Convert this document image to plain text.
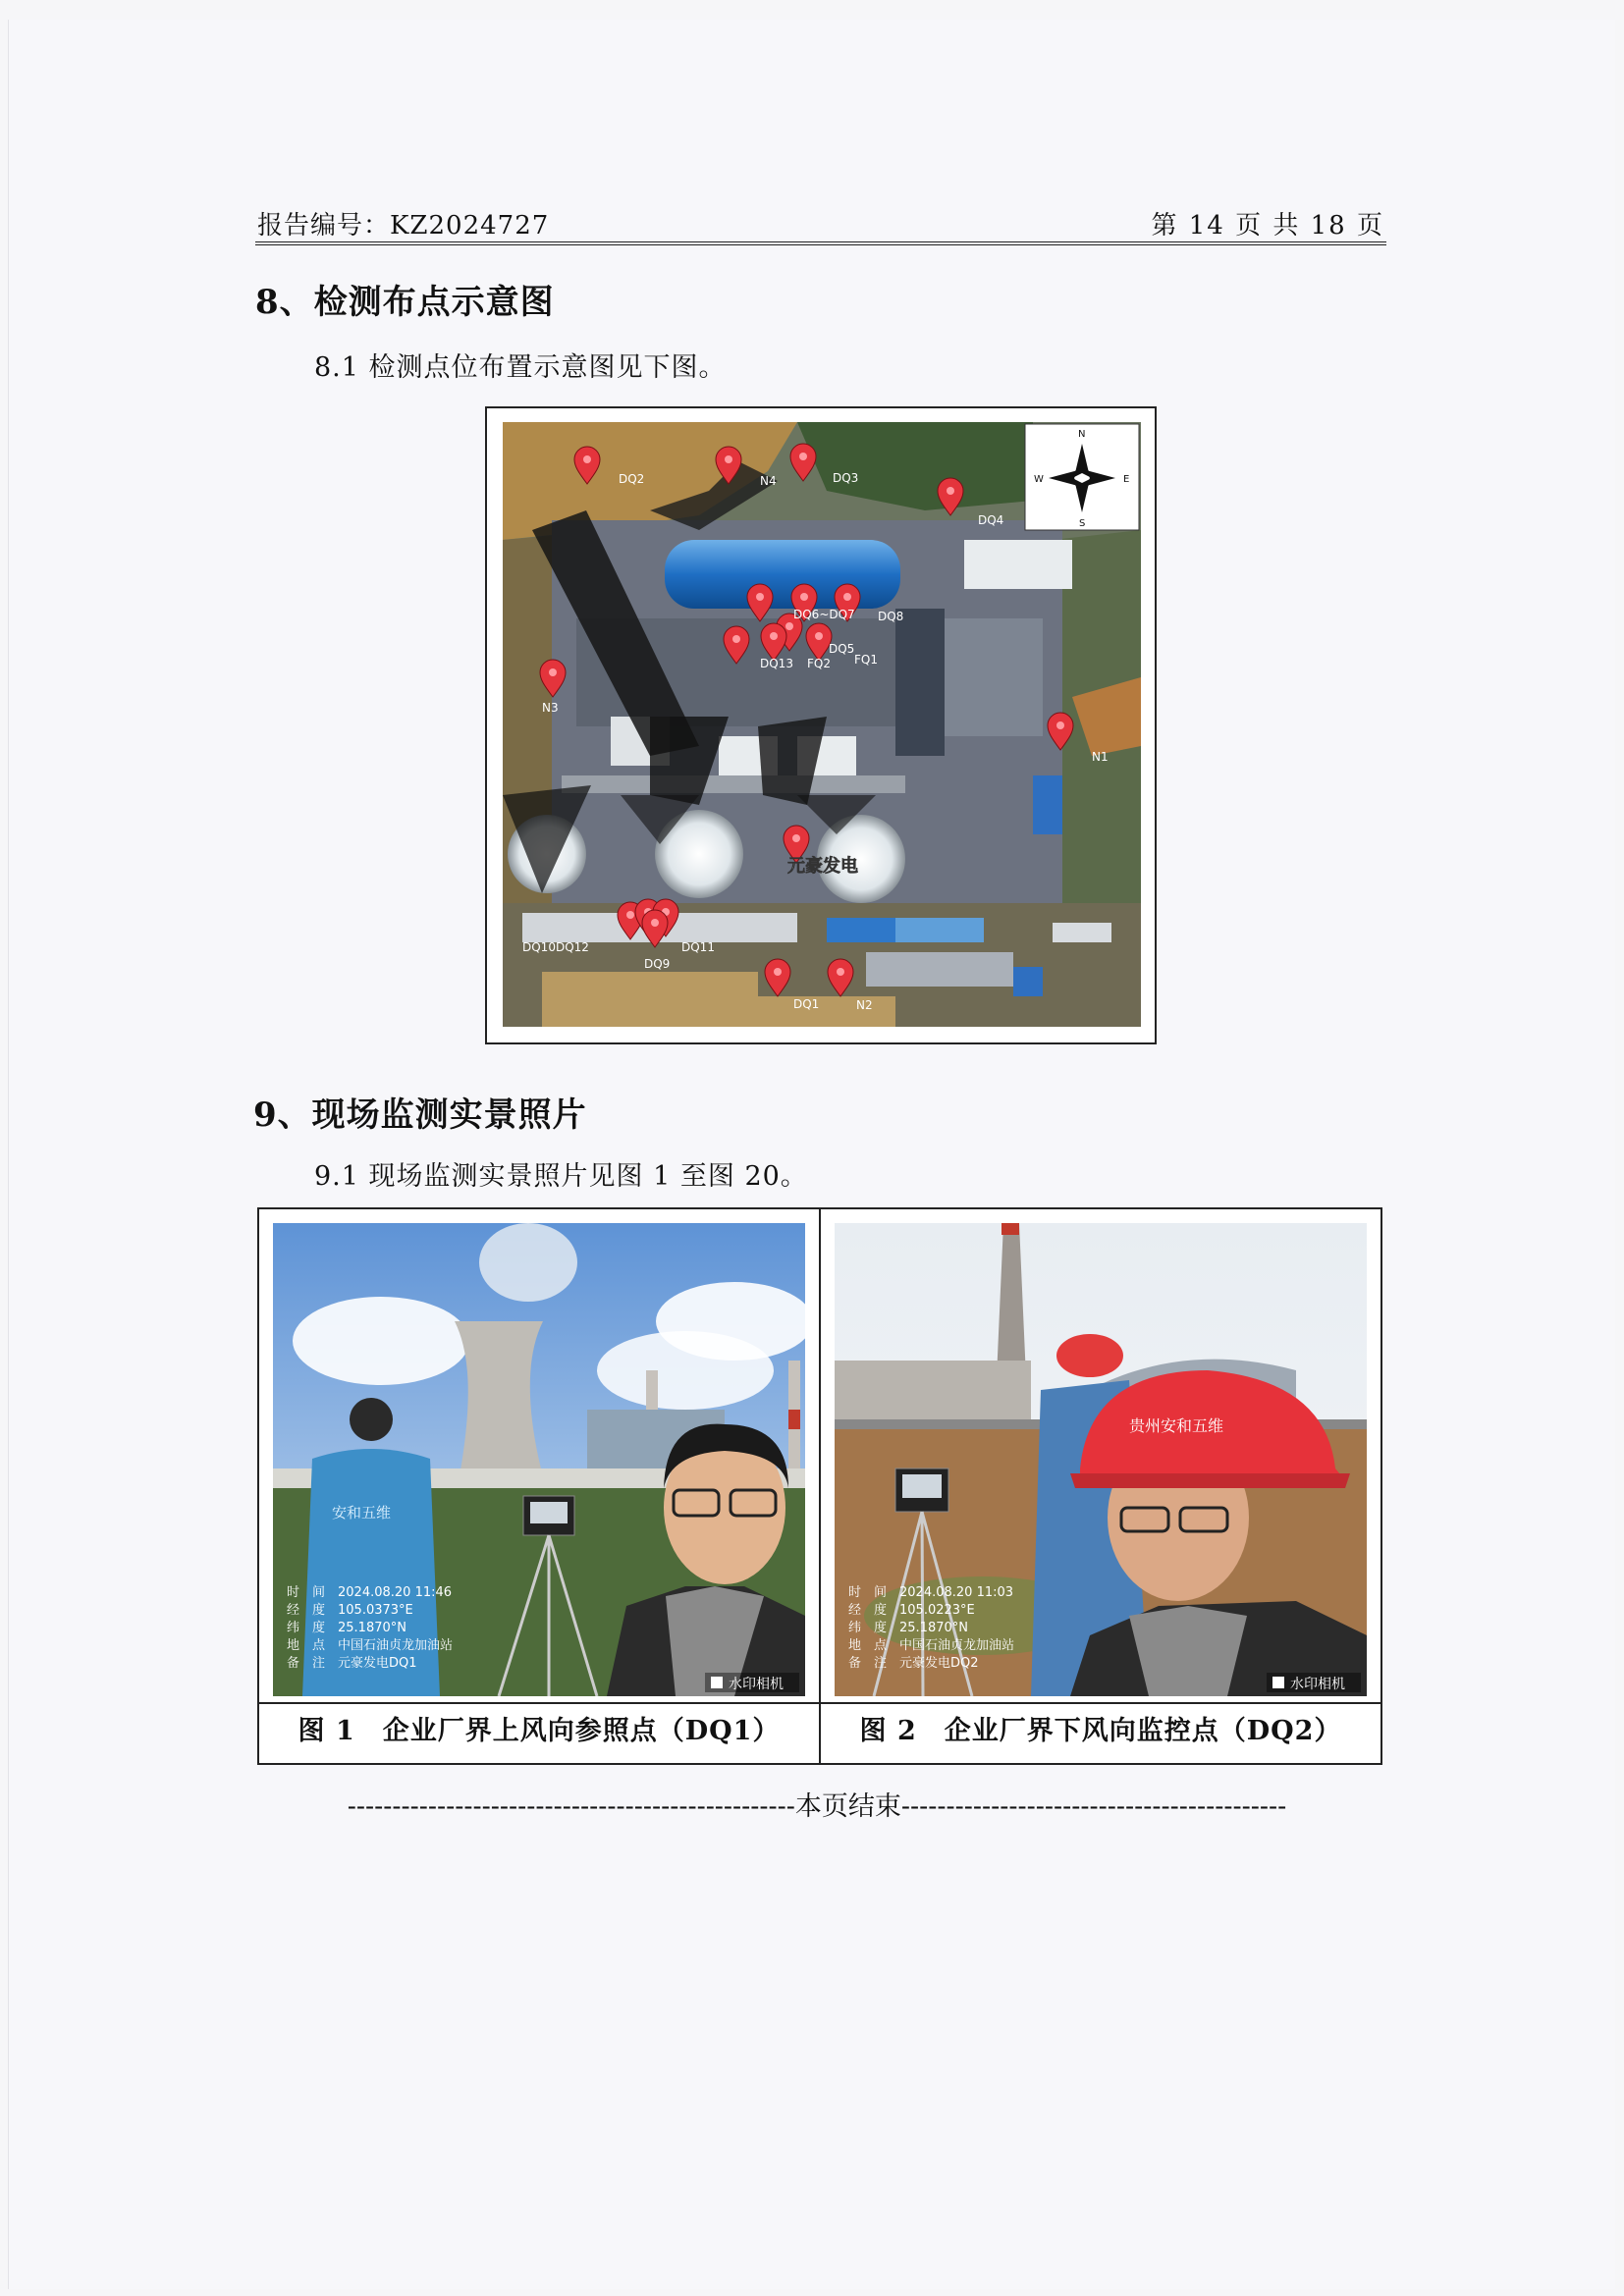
报告编号：KZ2024727	第 14 页 共 18 页
8、检测布点示意图
8.1 检测点位布置示意图见下图。
DQ2	N4	DQ3
DQ4
DQ6~DQ7 DQ8
DQ5
DQ13 FQ2 FQ1
N3
N1
DQ10DQ12	DQ11
DQ9
DQ1	N2
元豪发电
N
S
W	E
9、现场监测实景照片
9.1 现场监测实景照片见图 1 至图 20。
安和五维
时　间　2024.08.20 11:46
经　度　105.0373°E
纬　度　25.1870°N
地　点　中国石油贞龙加油站
备　注　元豪发电DQ1
水印相机
贵州安和五维
时　间　2024.08.20 11:03
经　度　105.0223°E
纬　度　25.1870°N
地　点　中国石油贞龙加油站
备　注　元豪发电DQ2
水印相机
图 1　企业厂界上风向参照点（DQ1）	图 2　企业厂界下风向监控点（DQ2）
--------------------------------------------------本页结束-------------------------------------------
